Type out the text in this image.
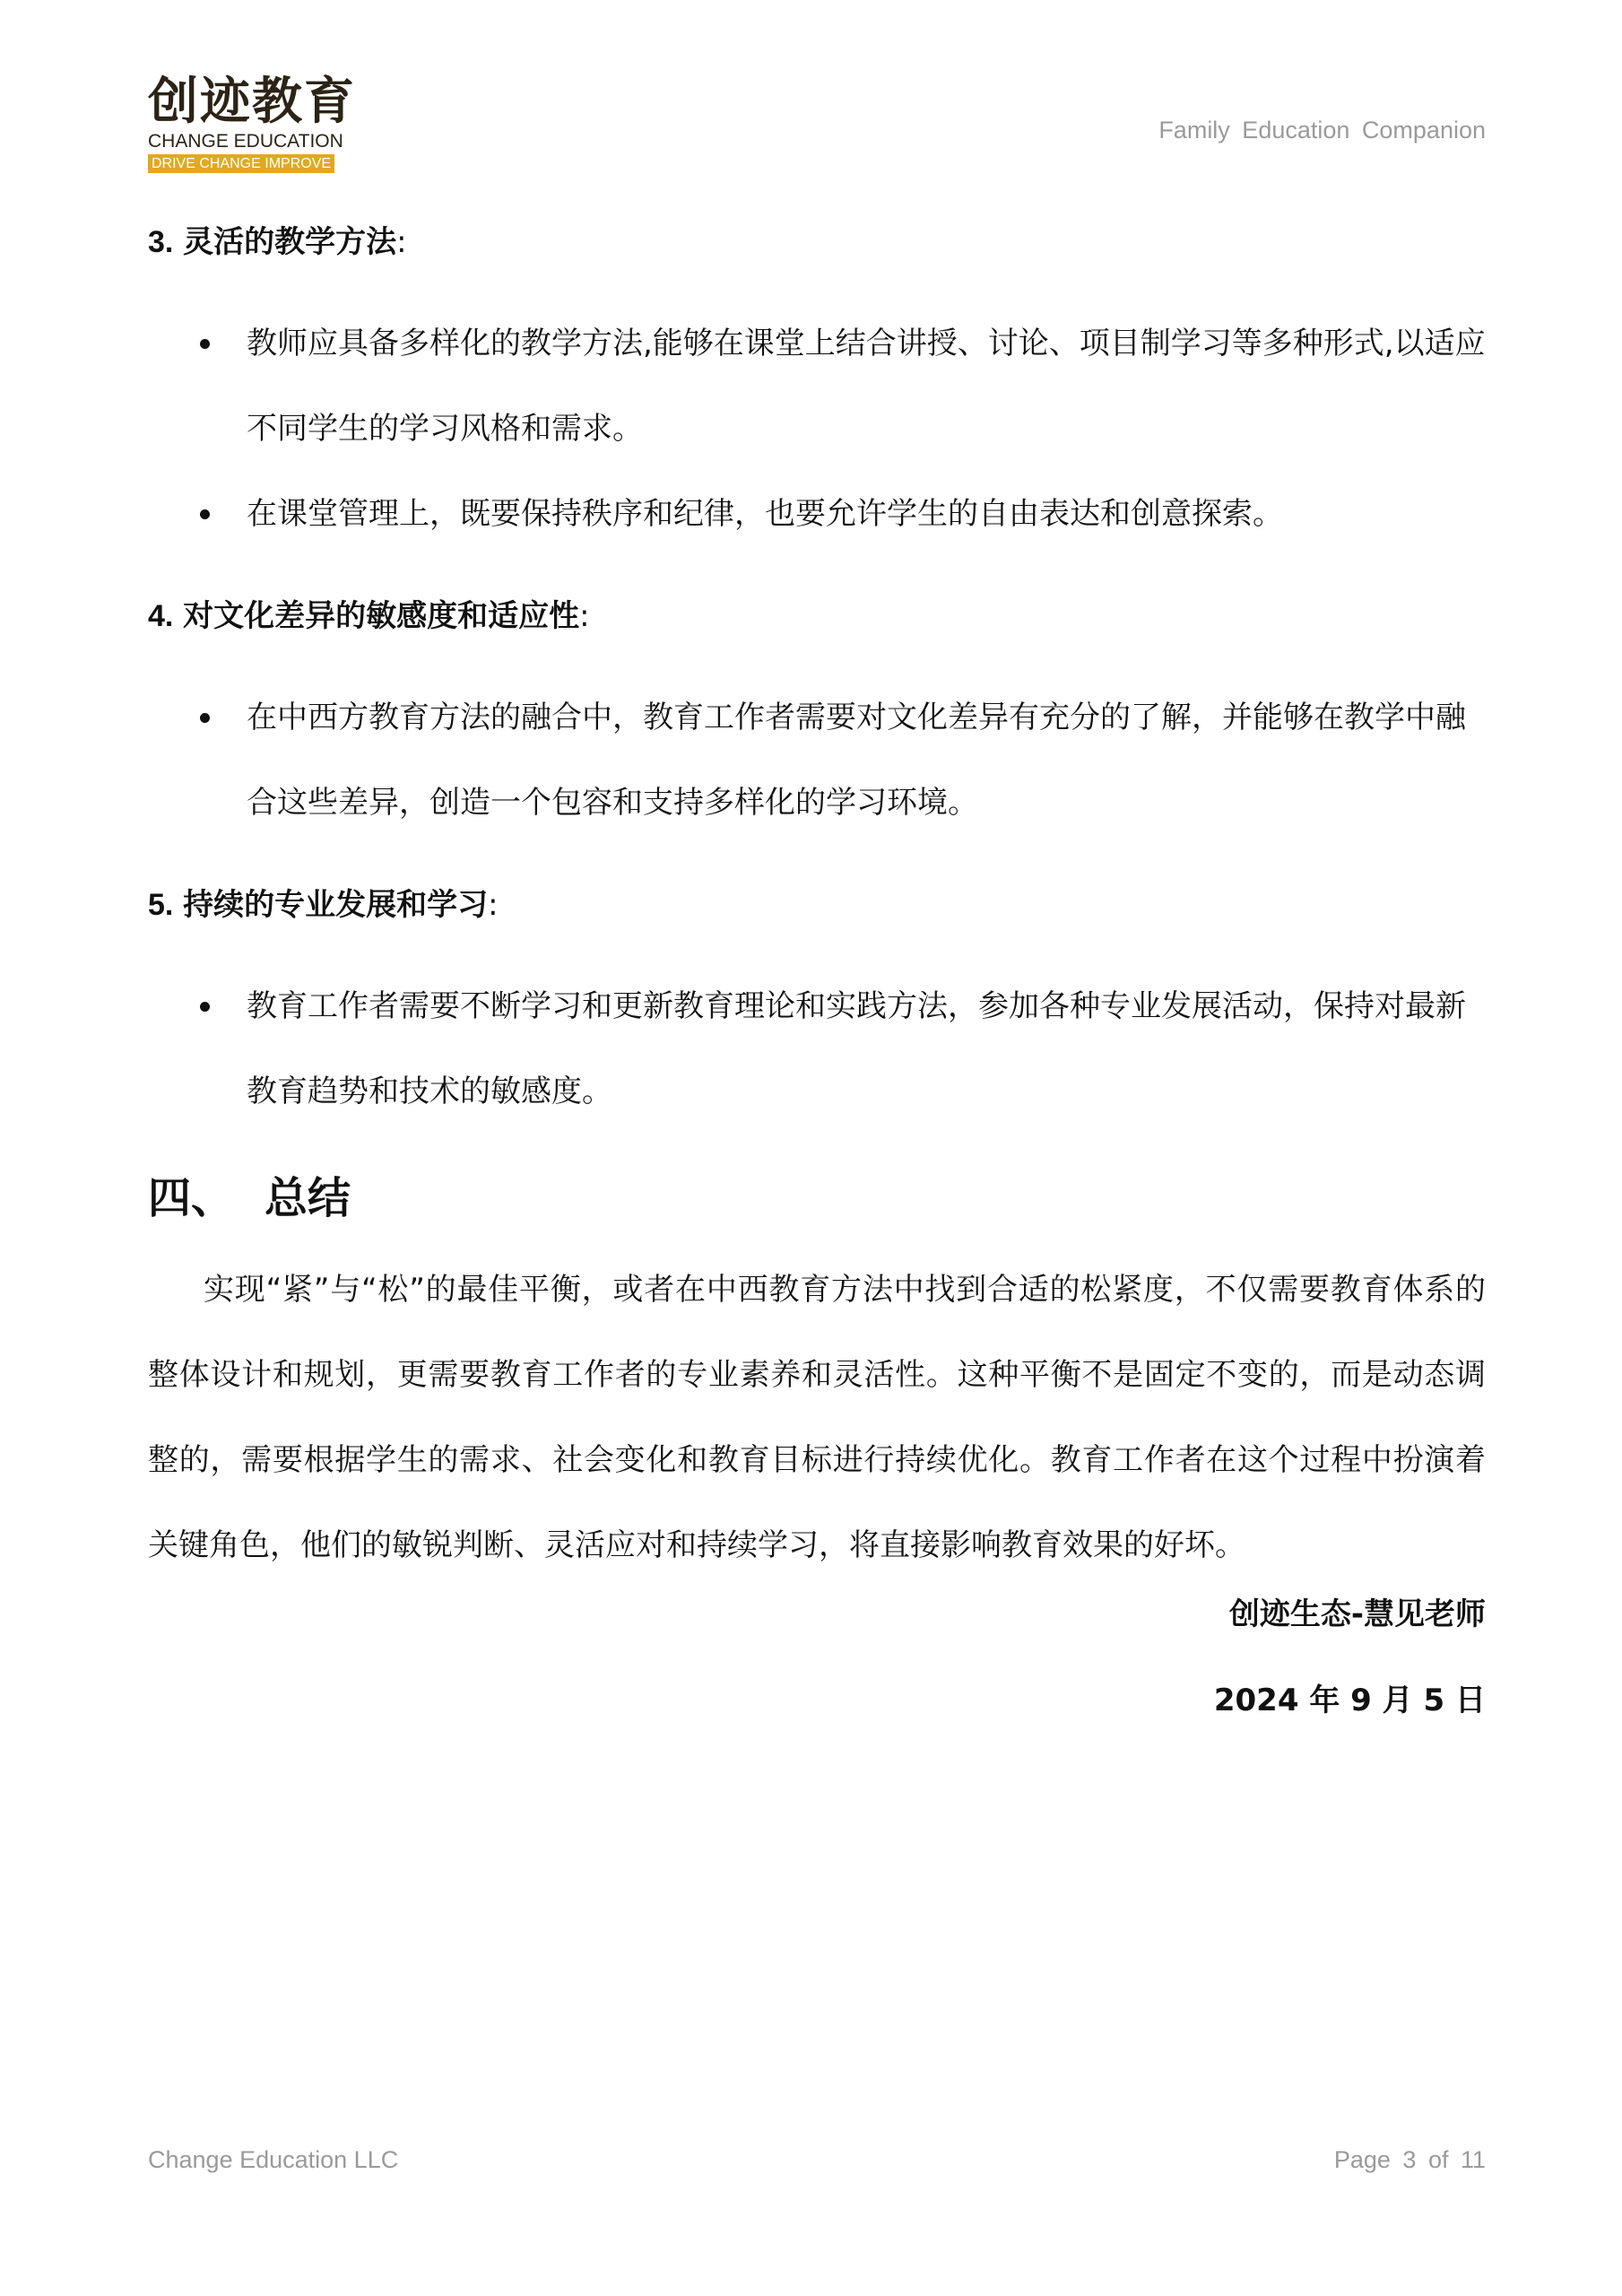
创迹教育
CHANGE EDUCATION
DRIVE CHANGE IMPROVE
Family Education Companion
3. 灵活的教学方法:
教师应具备多样化的教学方法,能够在课堂上结合讲授、讨论、项目制学习等多种形式,以适应不同学生的学习风格和需求。
在课堂管理上，既要保持秩序和纪律，也要允许学生的自由表达和创意探索。
4. 对文化差异的敏感度和适应性:
在中西方教育方法的融合中，教育工作者需要对文化差异有充分的了解，并能够在教学中融合这些差异，创造一个包容和支持多样化的学习环境。
5. 持续的专业发展和学习:
教育工作者需要不断学习和更新教育理论和实践方法，参加各种专业发展活动，保持对最新教育趋势和技术的敏感度。
四、 总结

实现“紧”与“松”的最佳平衡，或者在中西教育方法中找到合适的松紧度，不仅需要教育体系的整体设计和规划，更需要教育工作者的专业素养和灵活性。这种平衡不是固定不变的，而是动态调整的，需要根据学生的需求、社会变化和教育目标进行持续优化。教育工作者在这个过程中扮演着关键角色，他们的敏锐判断、灵活应对和持续学习，将直接影响教育效果的好坏。

创迹生态-慧见老师
2024 年 9 月 5 日
Change Education LLC	Page 3 of 11
